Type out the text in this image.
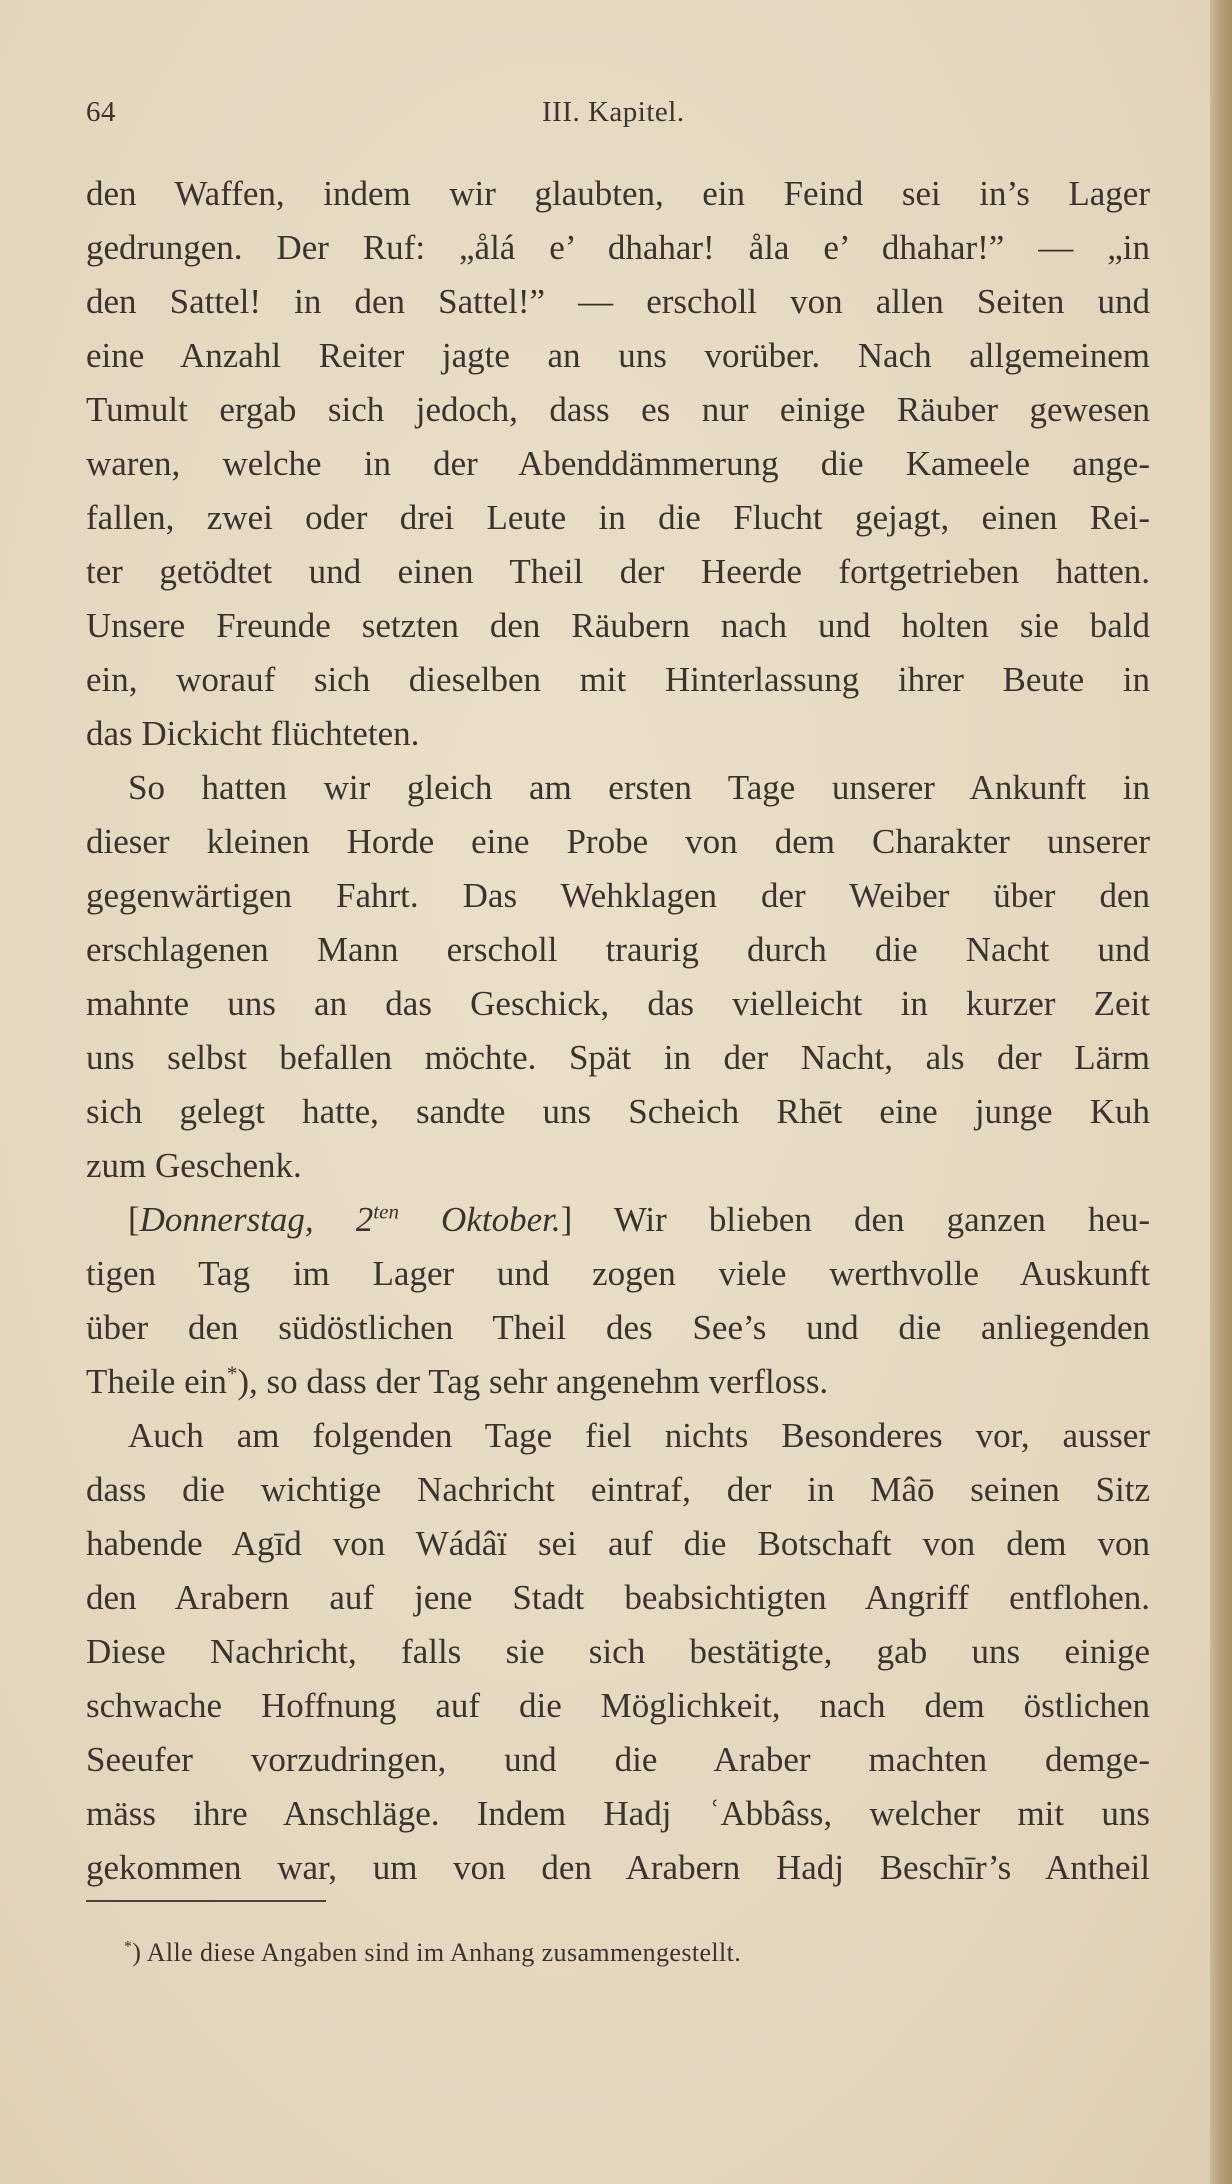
64	III. Kapitel.
den Waffen, indem wir glaubten, ein Feind sei in’s Lager
gedrungen. Der Ruf: „ålá e’ dhahar! åla e’ dhahar!” — „in
den Sattel! in den Sattel!” — erscholl von allen Seiten und
eine Anzahl Reiter jagte an uns vorüber. Nach allgemeinem
Tumult ergab sich jedoch, dass es nur einige Räuber gewesen
waren, welche in der Abenddämmerung die Kameele ange-
fallen, zwei oder drei Leute in die Flucht gejagt, einen Rei-
ter getödtet und einen Theil der Heerde fortgetrieben hatten.
Unsere Freunde setzten den Räubern nach und holten sie bald
ein, worauf sich dieselben mit Hinterlassung ihrer Beute in
das Dickicht flüchteten.
So hatten wir gleich am ersten Tage unserer Ankunft in
dieser kleinen Horde eine Probe von dem Charakter unserer
gegenwärtigen Fahrt. Das Wehklagen der Weiber über den
erschlagenen Mann erscholl traurig durch die Nacht und
mahnte uns an das Geschick, das vielleicht in kurzer Zeit
uns selbst befallen möchte. Spät in der Nacht, als der Lärm
sich gelegt hatte, sandte uns Scheich Rhēt eine junge Kuh
zum Geschenk.
[Donnerstag, $2^{ten}$ Oktober.] Wir blieben den ganzen heu-
tigen Tag im Lager und zogen viele werthvolle Auskunft
über den südöstlichen Theil des See’s und die anliegenden
Theile ein*), so dass der Tag sehr angenehm verfloss.
Auch am folgenden Tage fiel nichts Besonderes vor, ausser
dass die wichtige Nachricht eintraf, der in Mâō seinen Sitz
habende Agīd von Wádâï sei auf die Botschaft von dem von
den Arabern auf jene Stadt beabsichtigten Angriff entflohen.
Diese Nachricht, falls sie sich bestätigte, gab uns einige
schwache Hoffnung auf die Möglichkeit, nach dem östlichen
Seeufer vorzudringen, und die Araber machten demge-
mäss ihre Anschläge. Indem Hadj ʿAbbâss, welcher mit uns
gekommen war, um von den Arabern Hadj Beschīr’s Antheil
*) Alle diese Angaben sind im Anhang zusammengestellt.
